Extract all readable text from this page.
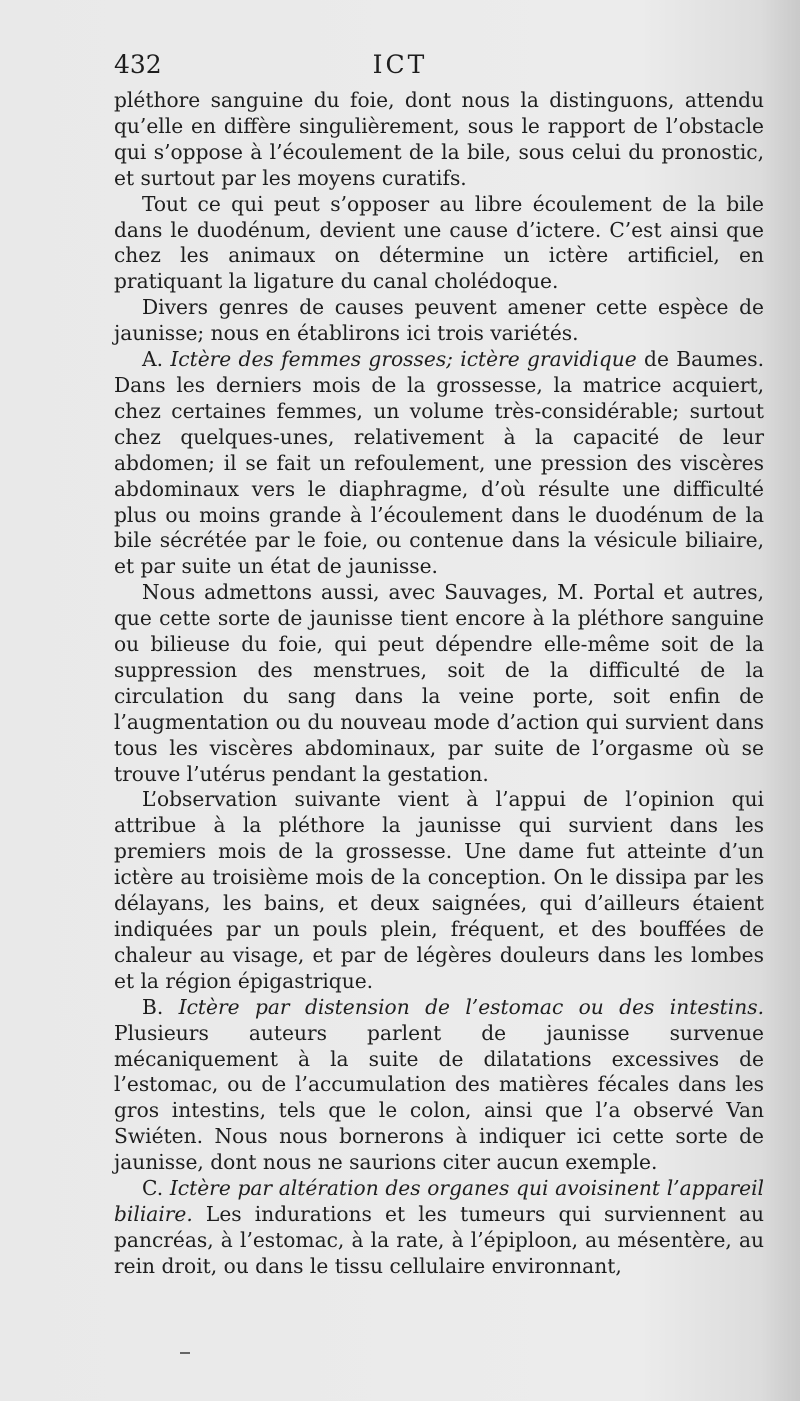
432	ICT

pléthore sanguine du foie, dont nous la distinguons, attendu qu’elle en diffère singulièrement, sous le rapport de l’obstacle qui s’oppose à l’écoulement de la bile, sous celui du pronostic, et surtout par les moyens curatifs.

Tout ce qui peut s’opposer au libre écoulement de la bile dans le duodénum, devient une cause d’ictere. C’est ainsi que chez les animaux on détermine un ictère artificiel, en pratiquant la ligature du canal cholédoque.

Divers genres de causes peuvent amener cette espèce de jaunisse; nous en établirons ici trois variétés.

A. Ictère des femmes grosses; ictère gravidique de Baumes. Dans les derniers mois de la grossesse, la matrice acquiert, chez certaines femmes, un volume très-considérable; surtout chez quelques-unes, relativement à la capacité de leur abdomen; il se fait un refoulement, une pression des viscères abdominaux vers le diaphragme, d’où résulte une difficulté plus ou moins grande à l’écoulement dans le duodénum de la bile sécrétée par le foie, ou contenue dans la vésicule biliaire, et par suite un état de jaunisse.

Nous admettons aussi, avec Sauvages, M. Portal et autres, que cette sorte de jaunisse tient encore à la pléthore sanguine ou bilieuse du foie, qui peut dépendre elle-même soit de la suppression des menstrues, soit de la difficulté de la circulation du sang dans la veine porte, soit enfin de l’augmentation ou du nouveau mode d’action qui survient dans tous les viscères abdominaux, par suite de l’orgasme où se trouve l’utérus pendant la gestation.

L’observation suivante vient à l’appui de l’opinion qui attribue à la pléthore la jaunisse qui survient dans les premiers mois de la grossesse. Une dame fut atteinte d’un ictère au troisième mois de la conception. On le dissipa par les délayans, les bains, et deux saignées, qui d’ailleurs étaient indiquées par un pouls plein, fréquent, et des bouffées de chaleur au visage, et par de légères douleurs dans les lombes et la région épigastrique.

B. Ictère par distension de l’estomac ou des intestins. Plusieurs auteurs parlent de jaunisse survenue mécaniquement à la suite de dilatations excessives de l’estomac, ou de l’accumulation des matières fécales dans les gros intestins, tels que le colon, ainsi que l’a observé Van Swiéten. Nous nous bornerons à indiquer ici cette sorte de jaunisse, dont nous ne saurions citer aucun exemple.

C. Ictère par altération des organes qui avoisinent l’appareil biliaire. Les indurations et les tumeurs qui surviennent au pancréas, à l’estomac, à la rate, à l’épiploon, au mésentère, au rein droit, ou dans le tissu cellulaire environnant,
